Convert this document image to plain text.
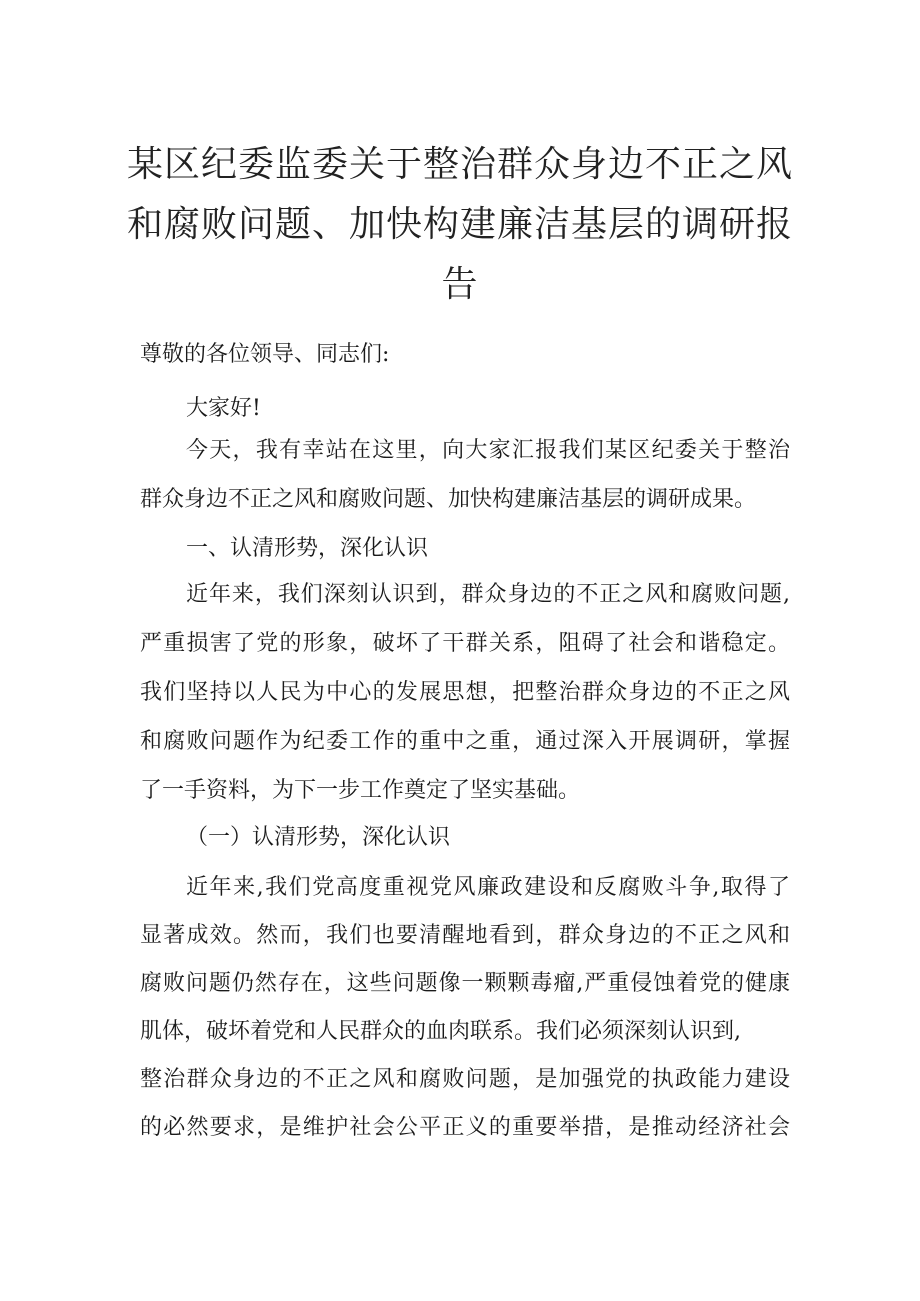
某区纪委监委关于整治群众身边不正之风
和腐败问题、加快构建廉洁基层的调研报
告
尊敬的各位领导、同志们:
大家好!
今天，我有幸站在这里，向大家汇报我们某区纪委关于整治
群众身边不正之风和腐败问题、加快构建廉洁基层的调研成果。
一、认清形势，深化认识
近年来，我们深刻认识到，群众身边的不正之风和腐败问题,
严重损害了党的形象，破坏了干群关系，阻碍了社会和谐稳定。
我们坚持以人民为中心的发展思想，把整治群众身边的不正之风
和腐败问题作为纪委工作的重中之重，通过深入开展调研，掌握
了一手资料，为下一步工作奠定了坚实基础。
（一）认清形势，深化认识
近年来,我们党高度重视党风廉政建设和反腐败斗争,取得了
显著成效。然而，我们也要清醒地看到，群众身边的不正之风和
腐败问题仍然存在，这些问题像一颗颗毒瘤,严重侵蚀着党的健康
肌体，破坏着党和人民群众的血肉联系。我们必须深刻认识到,
整治群众身边的不正之风和腐败问题，是加强党的执政能力建设
的必然要求，是维护社会公平正义的重要举措，是推动经济社会
